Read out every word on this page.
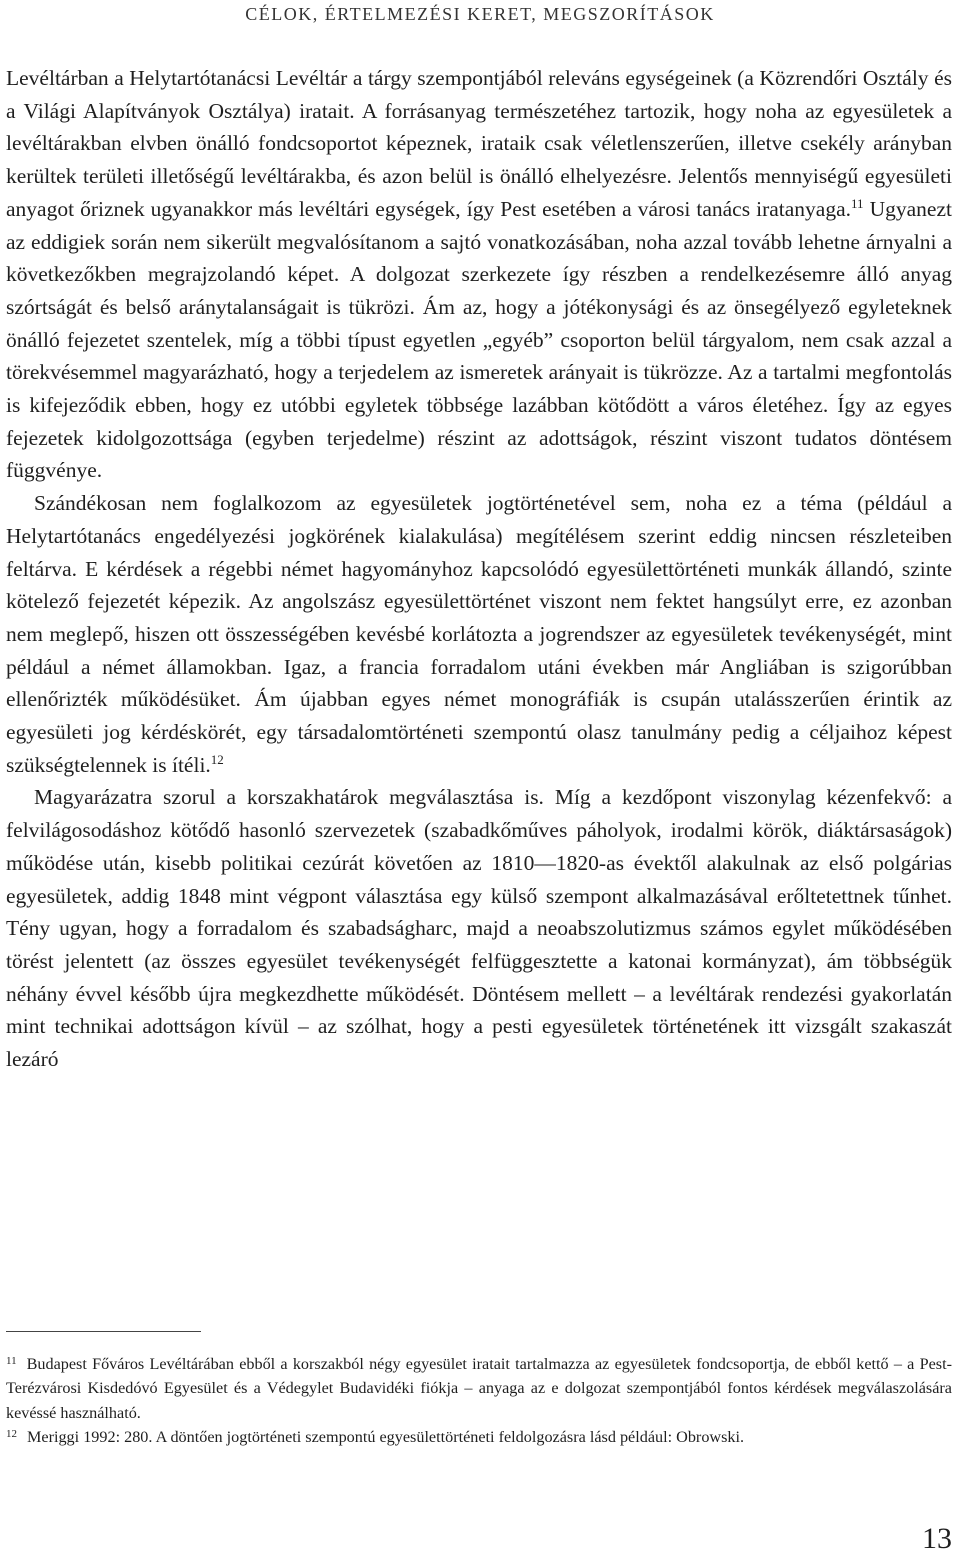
CÉLOK, ÉRTELMEZÉSI KERET, MEGSZORÍTÁSOK

Levéltárban a Helytartótanácsi Levéltár a tárgy szempontjából releváns egységeinek (a Közrendőri Osztály és a Világi Alapítványok Osztálya) iratait. A forrásanyag természetéhez tartozik, hogy noha az egyesületek a levéltárakban elvben önálló fondcsoportot képeznek, irataik csak véletlenszerűen, illetve csekély arányban kerültek területi illetőségű levéltárakba, és azon belül is önálló elhelyezésre. Jelentős mennyiségű egyesületi anyagot őriznek ugyanakkor más levéltári egységek, így Pest esetében a városi tanács iratanyaga.$^{11}$ Ugyanezt az eddigiek során nem sikerült megvalósítanom a sajtó vonatkozásában, noha azzal tovább lehetne árnyalni a következőkben megrajzolandó képet. A dolgozat szerkezete így részben a rendelkezésemre álló anyag szórtságát és belső aránytalanságait is tükrözi. Ám az, hogy a jótékonysági és az önsegélyező egyleteknek önálló fejezetet szentelek, míg a többi típust egyetlen „egyéb” csoporton belül tárgyalom, nem csak azzal a törekvésemmel magyarázható, hogy a terjedelem az ismeretek arányait is tükrözze. Az a tartalmi megfontolás is kifejeződik ebben, hogy ez utóbbi egyletek többsége lazábban kötődött a város életéhez. Így az egyes fejezetek kidolgozottsága (egyben terjedelme) részint az adottságok, részint viszont tudatos döntésem függvénye.

Szándékosan nem foglalkozom az egyesületek jogtörténetével sem, noha ez a téma (például a Helytartótanács engedélyezési jogkörének kialakulása) megítélésem szerint eddig nincsen részleteiben feltárva. E kérdések a régebbi német hagyományhoz kapcsolódó egyesülettörténeti munkák állandó, szinte kötelező fejezetét képezik. Az angolszász egyesülettörténet viszont nem fektet hangsúlyt erre, ez azonban nem meglepő, hiszen ott összességében kevésbé korlátozta a jogrendszer az egyesületek tevékenységét, mint például a német államokban. Igaz, a francia forradalom utáni években már Angliában is szigorúbban ellenőrizték működésüket. Ám újabban egyes német monográfiák is csupán utalásszerűen érintik az egyesületi jog kérdéskörét, egy társadalomtörténeti szempontú olasz tanulmány pedig a céljaihoz képest szükségtelennek is ítéli.$^{12}$

Magyarázatra szorul a korszakhatárok megválasztása is. Míg a kezdőpont viszonylag kézenfekvő: a felvilágosodáshoz kötődő hasonló szervezetek (szabadkőműves páholyok, irodalmi körök, diáktársaságok) működése után, kisebb politikai cezúrát követően az 1810—1820-as évektől alakulnak az első polgárias egyesületek, addig 1848 mint végpont választása egy külső szempont alkalmazásával erőltetettnek tűnhet. Tény ugyan, hogy a forradalom és szabadságharc, majd a neoabszolutizmus számos egylet működésében törést jelentett (az összes egyesület tevékenységét felfüggesztette a katonai kormányzat), ám többségük néhány évvel később újra megkezdhette működését. Döntésem mellett – a levéltárak rendezési gyakorlatán mint technikai adottságon kívül – az szólhat, hogy a pesti egyesületek történetének itt vizsgált szakaszát lezáró

$^{11}$ Budapest Főváros Levéltárában ebből a korszakból négy egyesület iratait tartalmazza az egyesületek fondcsoportja, de ebből kettő – a Pest-Terézvárosi Kisdedóvó Egyesület és a Védegylet Budavidéki fiókja – anyaga az e dolgozat szempontjából fontos kérdések megválaszolására kevéssé használható.

$^{12}$ Meriggi 1992: 280. A döntően jogtörténeti szempontú egyesülettörténeti feldolgozásra lásd például: Obrowski.

13
